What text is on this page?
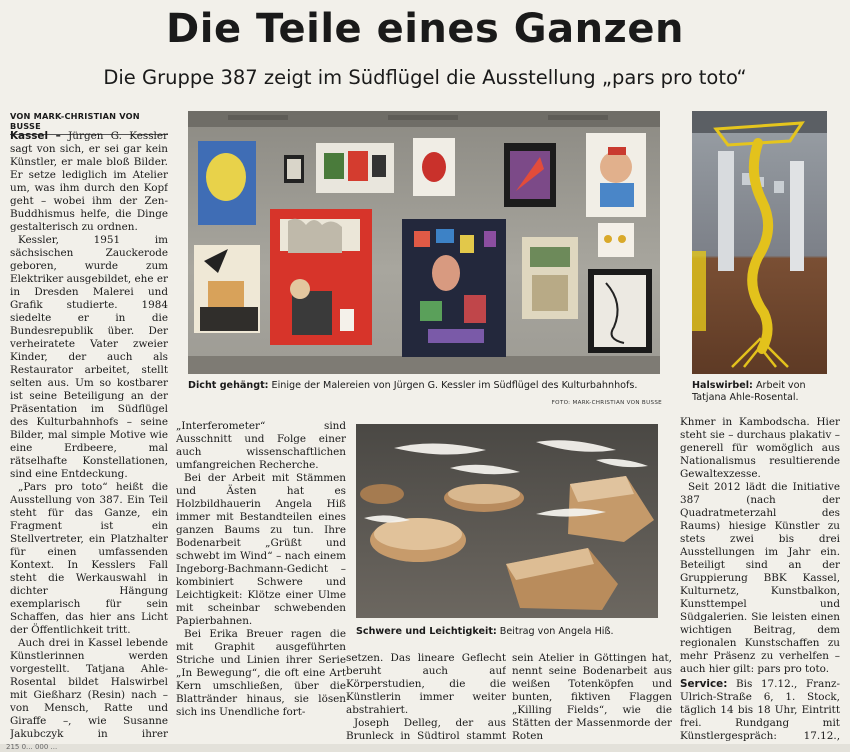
Die Teile eines Ganzen
Die Gruppe 387 zeigt im Südflügel die Ausstellung „pars pro toto“
VON MARK-CHRISTIAN VON BUSSE
Dicht gehängt: Einige der Malereien von Jürgen G. Kessler im Südflügel des Kulturbahnhofs.
FOTO: MARK-CHRISTIAN VON BUSSE
Halswirbel: Arbeit von Tatjana Ahle-Rosental.
Schwere und Leichtigkeit: Beitrag von Angela Hiß.

Kassel – Jürgen G. Kessler sagt von sich, er sei gar kein Künstler, er male bloß Bilder. Er setze lediglich im Atelier um, was ihm durch den Kopf geht – wobei ihm der Zen-Buddhismus helfe, die Dinge gestalterisch zu ordnen.

Kessler, 1951 im sächsischen Zauckerode geboren, wurde zum Elektriker ausgebildet, ehe er in Dresden Malerei und Grafik studierte. 1984 siedelte er in die Bundesrepublik über. Der verheiratete Vater zweier Kinder, der auch als Restaurator arbeitet, stellt selten aus. Um so kostbarer ist seine Beteiligung an der Präsentation im Südflügel des Kulturbahnhofs – seine Bilder, mal simple Motive wie eine Erdbeere, mal rätselhafte Konstellationen, sind eine Entdeckung.

„Pars pro toto“ heißt die Ausstellung von 387. Ein Teil steht für das Ganze, ein Fragment ist ein Stellvertreter, ein Platzhalter für einen umfassenden Kontext. In Kesslers Fall steht die Werkauswahl in dichter Hängung exemplarisch für sein Schaffen, das hier ans Licht der Öffentlichkeit tritt.

Auch drei in Kassel lebende Künstlerinnen werden vorgestellt. Tatjana Ahle-Rosental bildet Halswirbel mit Gießharz (Resin) nach – von Mensch, Ratte und Giraffe –, wie Susanne Jakubczyk in ihrer

„Interferometer“ sind Ausschnitt und Folge einer auch wissenschaftlichen umfangreichen Recherche.

Bei der Arbeit mit Stämmen und Ästen hat es Holzbildhauerin Angela Hiß immer mit Bestandteilen eines ganzen Baums zu tun. Ihre Bodenarbeit „Grüßt und schwebt im Wind“ – nach einem Ingeborg-Bachmann-Gedicht – kombiniert Schwere und Leichtigkeit: Klötze einer Ulme mit scheinbar schwebenden Papierbahnen.

Bei Erika Breuer ragen die mit Graphit ausgeführten Striche und Linien ihrer Serie „In Bewegung“, die oft eine Art Kern umschließen, über die Blattränder hinaus, sie lösen sich ins Unendliche fort-

setzen. Das lineare Geflecht beruht auch auf Körperstudien, die die Künstlerin immer weiter abstrahiert.

Joseph Delleg, der aus Brunleck in Südtirol stammt

sein Atelier in Göttingen hat, nennt seine Bodenarbeit aus weißen Totenköpfen und bunten, fiktiven Flaggen „Killing Fields“, wie die Stätten der Massenmorde der Roten

Khmer in Kambodscha. Hier steht sie – durchaus plakativ – generell für womöglich aus Nationalismus resultierende Gewaltexzesse.

Seit 2012 lädt die Initiative 387 (nach der Quadratmeterzahl des Raums) hiesige Künstler zu stets zwei bis drei Ausstellungen im Jahr ein. Beteiligt sind an der Gruppierung BBK Kassel, Kulturnetz, Kunstbalkon, Kunsttempel und Südgalerien. Sie leisten einen wichtigen Beitrag, dem regionalen Kunstschaffen zu mehr Präsenz zu verhelfen – auch hier gilt: pars pro toto.

Service: Bis 17.12., Franz-Ulrich-Straße 6, 1. Stock, täglich 14 bis 18 Uhr, Eintritt frei. Rundgang mit Künstlergespräch: 17.12.,

215 0... 000 ...
